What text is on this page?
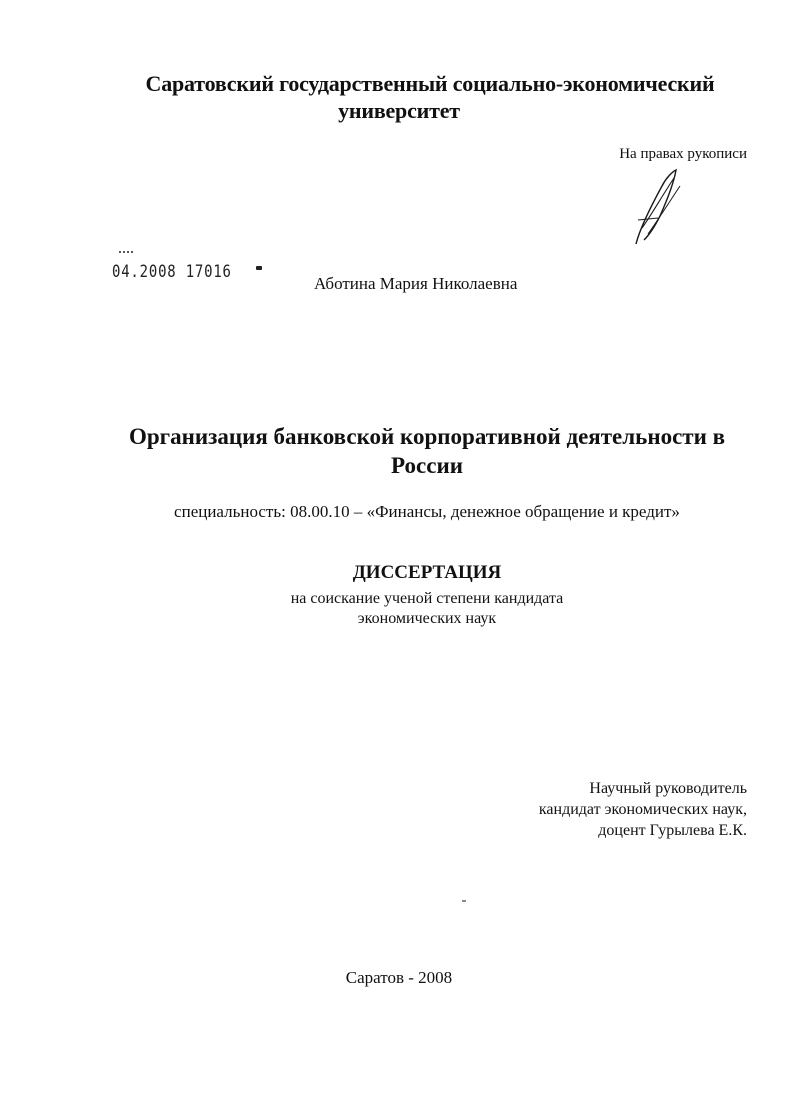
Саратовский государственный социально-экономический
университет
На правах рукописи
04.2008 17016
Аботина Мария Николаевна
Организация банковской корпоративной деятельности в
России
специальность: 08.00.10 – «Финансы, денежное обращение и кредит»
ДИССЕРТАЦИЯ
на соискание ученой степени кандидата
экономических наук
Научный руководитель
кандидат экономических наук,
доцент Гурылева Е.К.
Саратов - 2008
